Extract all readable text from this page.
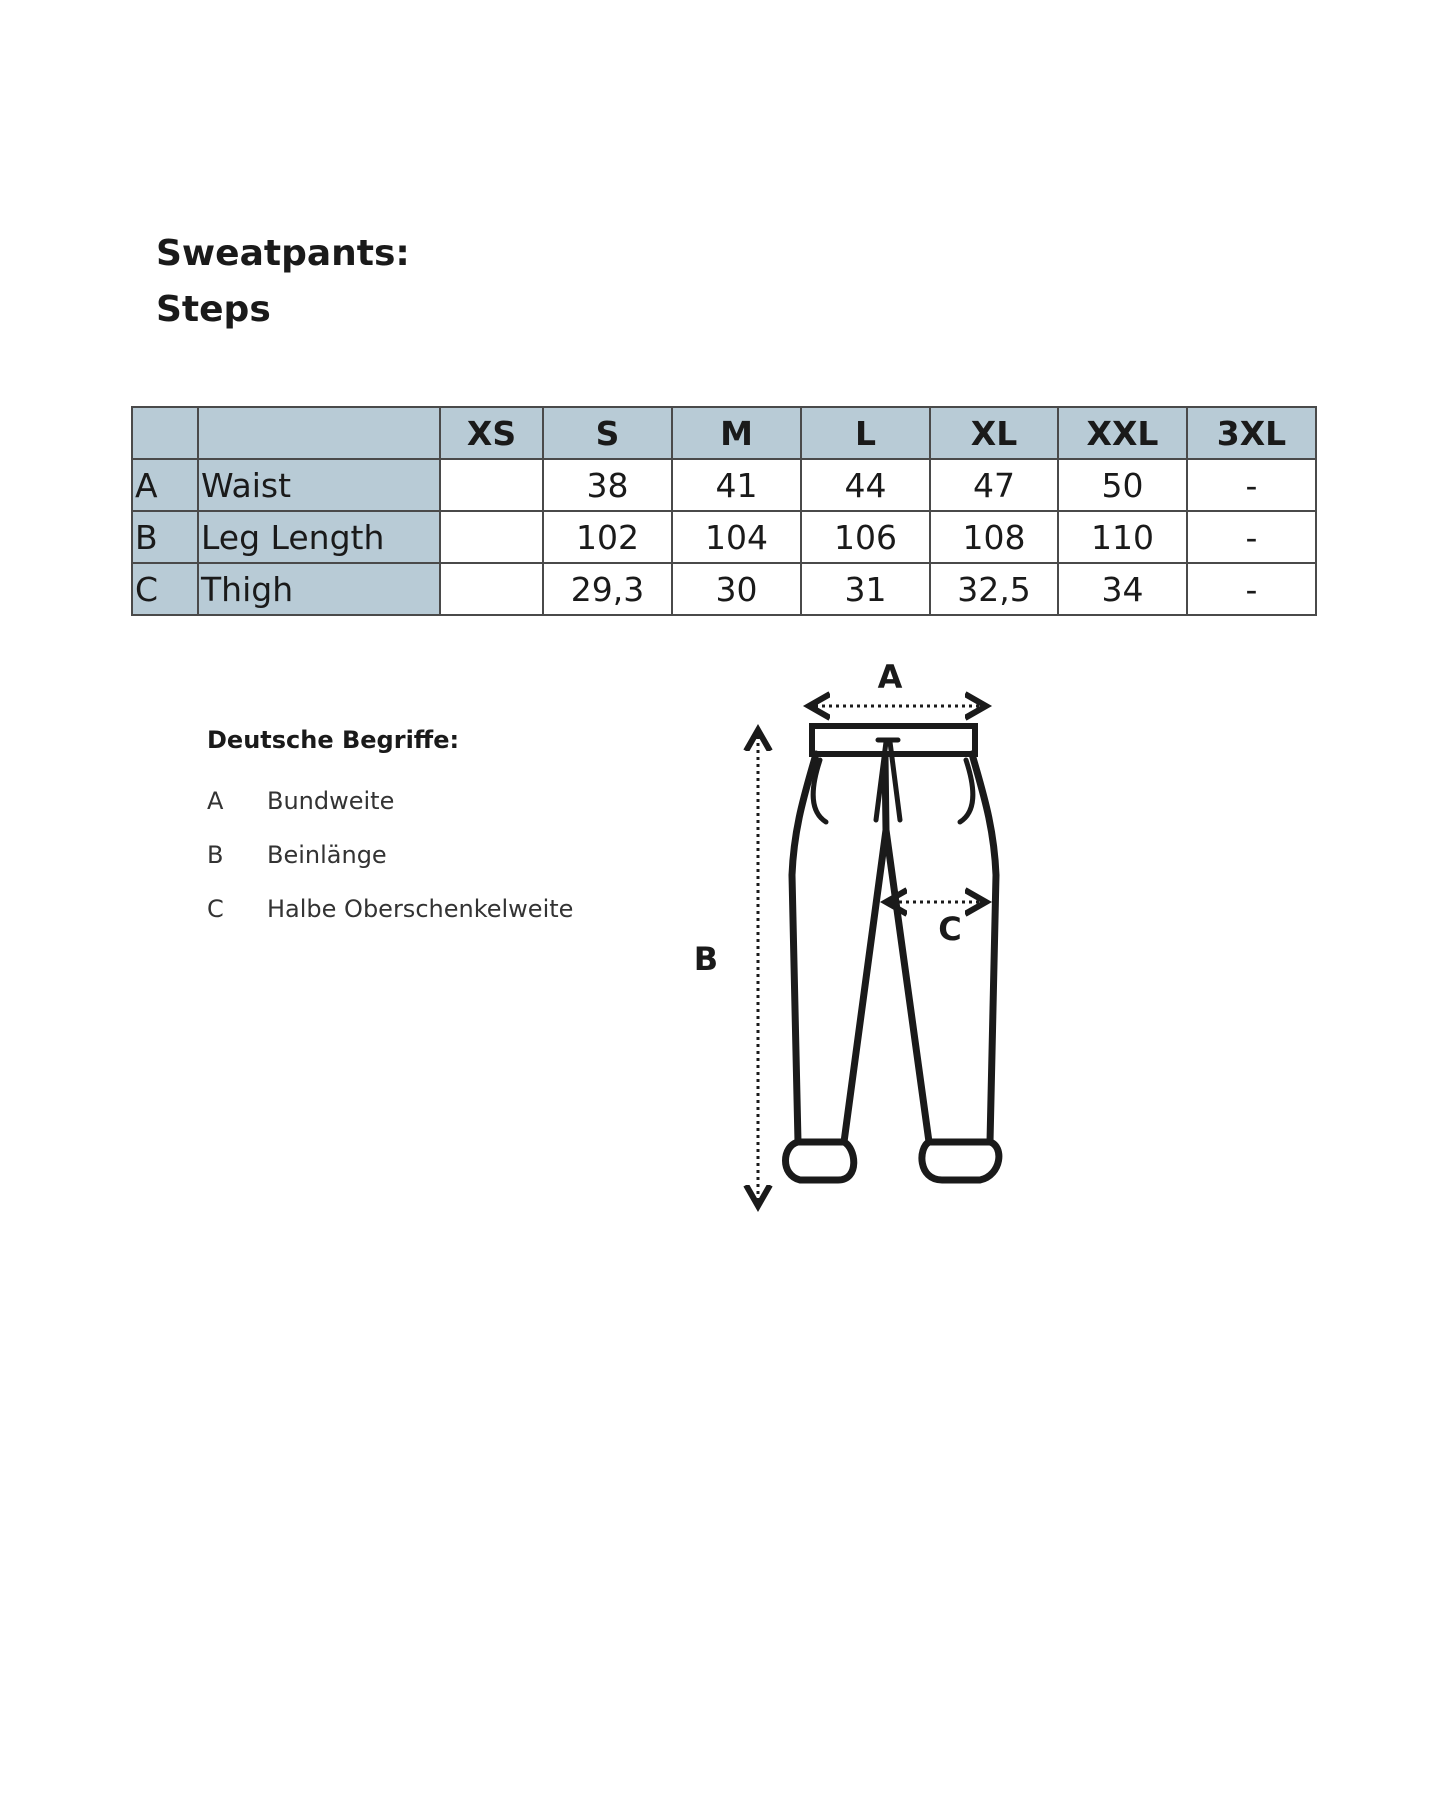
Sweatpants:
Steps
		XS	S	M	L	XL	XXL	3XL
A	Waist		38	41	44	47	50	-
B	Leg Length		102	104	106	108	110	-
C	Thigh		29,3	30	31	32,5	34	-
Deutsche Begriffe:
A	Bundweite
B	Beinlänge
C	Halbe Oberschenkelweite
A
B
C
